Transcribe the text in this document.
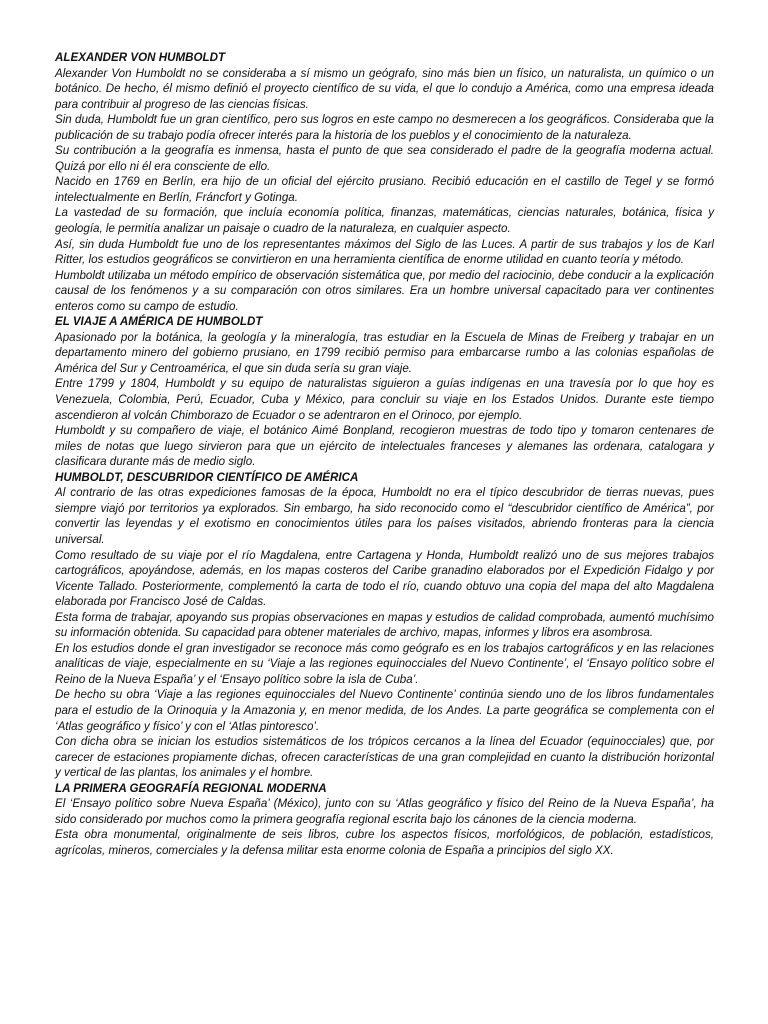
ALEXANDER VON HUMBOLDT

Alexander Von Humboldt no se consideraba a sí mismo un geógrafo, sino más bien un físico, un naturalista, un químico o un botánico. De hecho, él mismo definió el proyecto científico de su vida, el que lo condujo a América, como una empresa ideada para contribuir al progreso de las ciencias físicas.

Sin duda, Humboldt fue un gran científico, pero sus logros en este campo no desmerecen a los geográficos. Consideraba que la publicación de su trabajo podía ofrecer interés para la historia de los pueblos y el conocimiento de la naturaleza.

Su contribución a la geografía es inmensa, hasta el punto de que sea considerado el padre de la geografía moderna actual. Quizá por ello ni él era consciente de ello.

Nacido en 1769 en Berlín, era hijo de un oficial del ejército prusiano. Recibió educación en el castillo de Tegel y se formó intelectualmente en Berlín, Fráncfort y Gotinga.

La vastedad de su formación, que incluía economía política, finanzas, matemáticas, ciencias naturales, botánica, física y geología, le permitía analizar un paisaje o cuadro de la naturaleza, en cualquier aspecto.

Así, sin duda Humboldt fue uno de los representantes máximos del Siglo de las Luces. A partir de sus trabajos y los de Karl Ritter, los estudios geográficos se convirtieron en una herramienta científica de enorme utilidad en cuanto teoría y método.

Humboldt utilizaba un método empírico de observación sistemática que, por medio del raciocinio, debe conducir a la explicación causal de los fenómenos y a su comparación con otros similares. Era un hombre universal capacitado para ver continentes enteros como su campo de estudio.

EL VIAJE A AMÉRICA DE HUMBOLDT

Apasionado por la botánica, la geología y la mineralogía, tras estudiar en la Escuela de Minas de Freiberg y trabajar en un departamento minero del gobierno prusiano, en 1799 recibió permiso para embarcarse rumbo a las colonias españolas de América del Sur y Centroamérica, el que sin duda sería su gran viaje.

Entre 1799 y 1804, Humboldt y su equipo de naturalistas siguieron a guías indígenas en una travesía por lo que hoy es Venezuela, Colombia, Perú, Ecuador, Cuba y México, para concluir su viaje en los Estados Unidos. Durante este tiempo ascendieron al volcán Chimborazo de Ecuador o se adentraron en el Orinoco, por ejemplo.

Humboldt y su compañero de viaje, el botánico Aimé Bonpland, recogieron muestras de todo tipo y tomaron centenares de miles de notas que luego sirvieron para que un ejército de intelectuales franceses y alemanes las ordenara, catalogara y clasificara durante más de medio siglo.

HUMBOLDT, DESCUBRIDOR CIENTÍFICO DE AMÉRICA

Al contrario de las otras expediciones famosas de la época, Humboldt no era el típico descubridor de tierras nuevas, pues siempre viajó por territorios ya explorados. Sin embargo, ha sido reconocido como el “descubridor científico de América”, por convertir las leyendas y el exotismo en conocimientos útiles para los países visitados, abriendo fronteras para la ciencia universal.

Como resultado de su viaje por el río Magdalena, entre Cartagena y Honda, Humboldt realizó uno de sus mejores trabajos cartográficos, apoyándose, además, en los mapas costeros del Caribe granadino elaborados por el Expedición Fidalgo y por Vicente Tallado. Posteriormente, complementó la carta de todo el río, cuando obtuvo una copia del mapa del alto Magdalena elaborada por Francisco José de Caldas.

Esta forma de trabajar, apoyando sus propias observaciones en mapas y estudios de calidad comprobada, aumentó muchísimo su información obtenida. Su capacidad para obtener materiales de archivo, mapas, informes y libros era asombrosa.

En los estudios donde el gran investigador se reconoce más como geógrafo es en los trabajos cartográficos y en las relaciones analíticas de viaje, especialmente en su ‘Viaje a las regiones equinocciales del Nuevo Continente’, el ‘Ensayo político sobre el Reino de la Nueva España’ y el ‘Ensayo político sobre la isla de Cuba’.

De hecho su obra ‘Viaje a las regiones equinocciales del Nuevo Continente’ continúa siendo uno de los libros fundamentales para el estudio de la Orinoquia y la Amazonia y, en menor medida, de los Andes. La parte geográfica se complementa con el ‘Atlas geográfico y físico’ y con el ‘Atlas pintoresco’.

Con dicha obra se inician los estudios sistemáticos de los trópicos cercanos a la línea del Ecuador (equinocciales) que, por carecer de estaciones propiamente dichas, ofrecen características de una gran complejidad en cuanto la distribución horizontal y vertical de las plantas, los animales y el hombre.

LA PRIMERA GEOGRAFÍA REGIONAL MODERNA

El ‘Ensayo político sobre Nueva España’ (México), junto con su ‘Atlas geográfico y físico del Reino de la Nueva España’, ha sido considerado por muchos como la primera geografía regional escrita bajo los cánones de la ciencia moderna.

Esta obra monumental, originalmente de seis libros, cubre los aspectos físicos, morfológicos, de población, estadísticos, agrícolas, mineros, comerciales y la defensa militar esta enorme colonia de España a principios del siglo XX.
